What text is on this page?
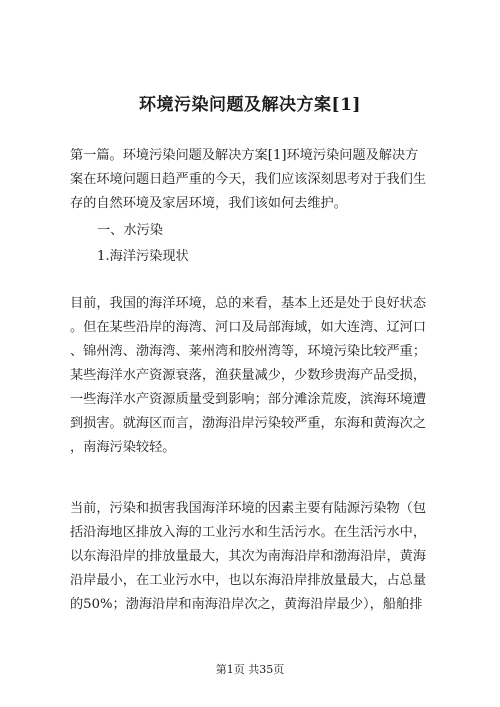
环境污染问题及解决方案[1]
第一篇。环境污染问题及解决方案[1]环境污染问题及解决方
案在环境问题日趋严重的今天，我们应该深刻思考对于我们生
存的自然环境及家居环境，我们该如何去维护。
一、水污染
1.海洋污染现状
目前，我国的海洋环境，总的来看，基本上还是处于良好状态
。但在某些沿岸的海湾、河口及局部海域，如大连湾、辽河口
、锦州湾、渤海湾、莱州湾和胶州湾等，环境污染比较严重；
某些海洋水产资源衰落，渔获量减少，少数珍贵海产品受损，
一些海洋水产资源质量受到影响；部分滩涂荒废，滨海环境遭
到损害。就海区而言，渤海沿岸污染较严重，东海和黄海次之
，南海污染较轻。
当前，污染和损害我国海洋环境的因素主要有陆源污染物（包
括沿海地区排放入海的工业污水和生活污水。在生活污水中，
以东海沿岸的排放量最大，其次为南海沿岸和渤海沿岸，黄海
沿岸最小，在工业污水中，也以东海沿岸排放量最大，占总量
的50%；渤海沿岸和南海沿岸次之，黄海沿岸最少），船舶排
第1页 共35页
